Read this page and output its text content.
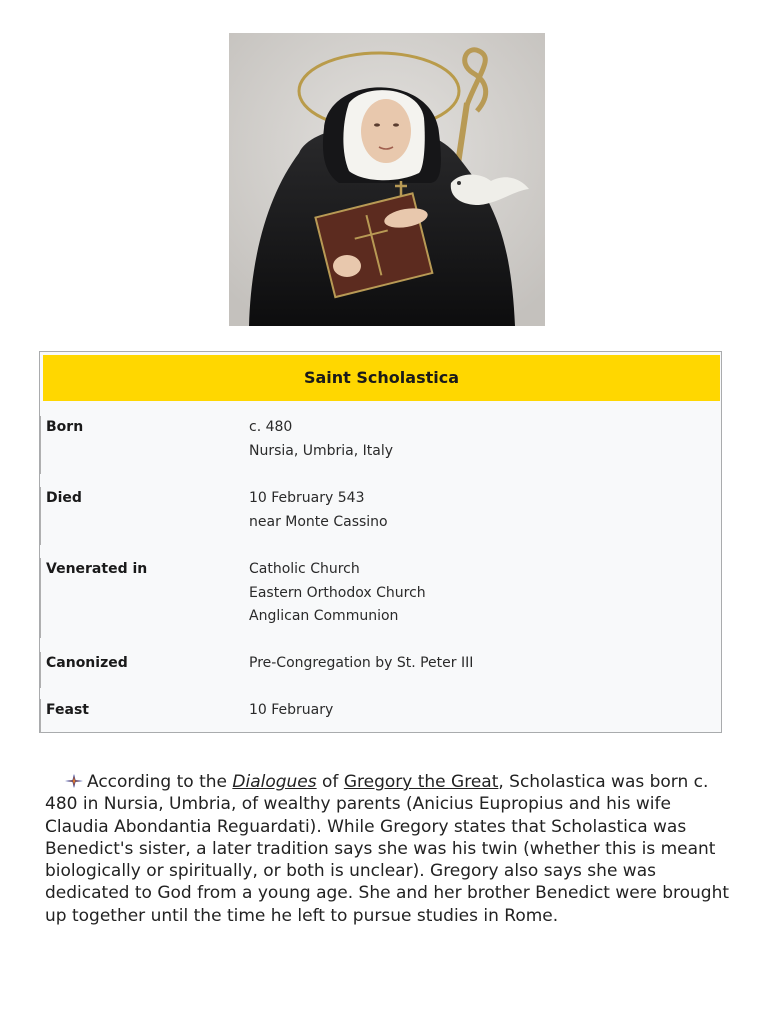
Saint Scholastica
Born	c. 480
Nursia, Umbria, Italy
Died	10 February 543
near Monte Cassino
Venerated in	Catholic Church
Eastern Orthodox Church
Anglican Communion
Canonized	Pre-Congregation by St. Peter III
Feast	10 February
According to the Dialogues of Gregory the Great, Scholastica was born c. 480 in Nursia, Umbria, of wealthy parents (Anicius Eupropius and his wife Claudia Abondantia Reguardati). While Gregory states that Scholastica was Benedict's sister, a later tradition says she was his twin (whether this is meant biologically or spiritually, or both is unclear). Gregory also says she was dedicated to God from a young age. She and her brother Benedict were brought up together until the time he left to pursue studies in Rome.
